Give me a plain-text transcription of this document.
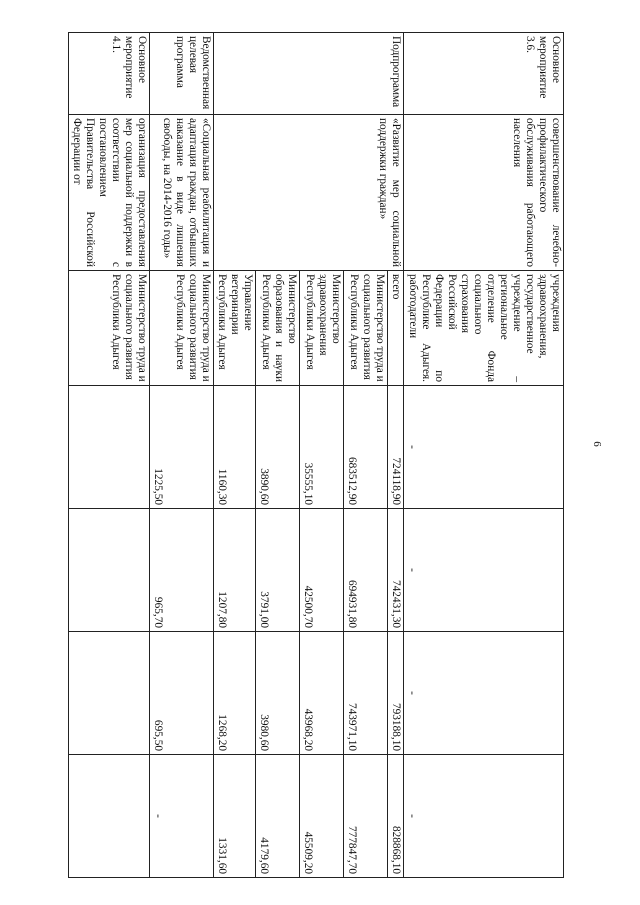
6
Основное мероприятие 3.6.	совершенствование лечебно-профилактического обслуживания работающего населения	учреждения здравоохранения, государственное учреждение – региональное отделение Фонда социального страхования Российской Федерации по Республике Адыгея. работодатели	-	-	-	-
Подпрограмма	«Развитие мер социальной поддержки граждан»	всего	724118,90	742431,30	793188,10	828868,10
		Министерство труда и социального развития Республики Адыгея	683512,90	694931,80	743971,10	777847,70
		Министерство здравоохранения Республики Адыгея	35555,10	42500,70	43968,20	45509,20
		Министерство образования и науки Республики Адыгея	3890,60	3791,00	3980,60	4179,60
		Управление ветеринарии Республики Адыгея	1160,30	1207,80	1268,20	1331,60
Ведомственная целевая программа	«Социальная реабилитация и адаптация граждан, отбывших наказание в виде лишения свободы, на 2014-2016 годы»	Министерство труда и социального развития Республики Адыгея	1225,50	965,70	695,50	-
Основное мероприятие 4.1.	организация предоставления мер социальной поддержки в соответствии с постановлением Правительства Российской Федерации от	Министерство труда и социального развития Республики Адыгея				
